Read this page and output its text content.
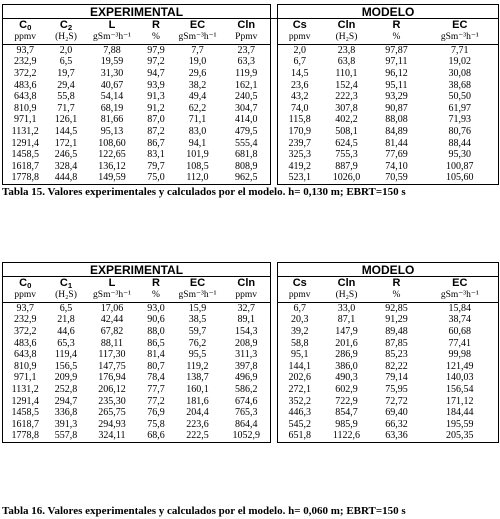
EXPERIMENTAL							MODELO			
$C_0$	$C_2$	L	R	EC	Cln		Cs	Cln	R	EC
ppmv	(H₂S)	gSm⁻³h⁻¹	%	gSm⁻³h⁻¹	Ppmv		ppmv	(H₂S)	%	gSm⁻³h⁻¹
93,7	2,0	7,88	97,9	7,7	23,7		2,0	23,8	97,87	7,71
232,9	6,5	19,59	97,2	19,0	63,3		6,7	63,8	97,11	19,02
372,2	19,7	31,30	94,7	29,6	119,9		14,5	110,1	96,12	30,08
483,6	29,4	40,67	93,9	38,2	162,1		23,6	152,4	95,11	38,68
643,8	55,8	54,14	91,3	49,4	240,5		43,2	222,3	93,29	50,50
810,9	71,7	68,19	91,2	62,2	304,7		74,0	307,8	90,87	61,97
971,1	126,1	81,66	87,0	71,1	414,0		115,8	402,2	88,08	71,93
1131,2	144,5	95,13	87,2	83,0	479,5		170,9	508,1	84,89	80,76
1291,4	172,1	108,60	86,7	94,1	555,4		239,7	624,5	81,44	88,44
1458,5	246,5	122,65	83,1	101,9	681,8		325,3	755,3	77,69	95,30
1618,7	328,4	136,12	79,7	108,5	808,9		419,2	887,9	74,10	100,87
1778,8	444,8	149,59	75,0	112,0	962,5		523,1	1026,0	70,59	105,60
Tabla 15. Valores experimentales y calculados por el modelo. h= 0,130 m; EBRT=150 s
EXPERIMENTAL							MODELO			
$C_0$	$C_1$	L	R	EC	Cln		Cs	Cln	R	EC
ppmv	(H₂S)	gSm⁻³h⁻¹	%	gSm⁻³h⁻¹	ppmv		ppmv	(H₂S)	%	gSm⁻³h⁻¹
93,7	6,5	17,06	93,0	15,9	32,7		6,7	33,0	92,85	15,84
232,9	21,8	42,44	90,6	38,5	89,1		20,3	87,1	91,29	38,74
372,2	44,6	67,82	88,0	59,7	154,3		39,2	147,9	89,48	60,68
483,6	65,3	88,11	86,5	76,2	208,9		58,8	201,6	87,85	77,41
643,8	119,4	117,30	81,4	95,5	311,3		95,1	286,9	85,23	99,98
810,9	156,5	147,75	80,7	119,2	397,8		144,1	386,0	82,22	121,49
971,1	209,9	176,94	78,4	138,7	496,9		202,6	490,3	79,14	140,03
1131,2	252,8	206,12	77,7	160,1	586,2		272,1	602,9	75,95	156,54
1291,4	294,7	235,30	77,2	181,6	674,6		352,2	722,9	72,72	171,12
1458,5	336,8	265,75	76,9	204,4	765,3		446,3	854,7	69,40	184,44
1618,7	391,3	294,93	75,8	223,6	864,4		545,2	985,9	66,32	195,59
1778,8	557,8	324,11	68,6	222,5	1052,9		651,8	1122,6	63,36	205,35
Tabla 16. Valores experimentales y calculados por el modelo. h= 0,060 m; EBRT=150 s
